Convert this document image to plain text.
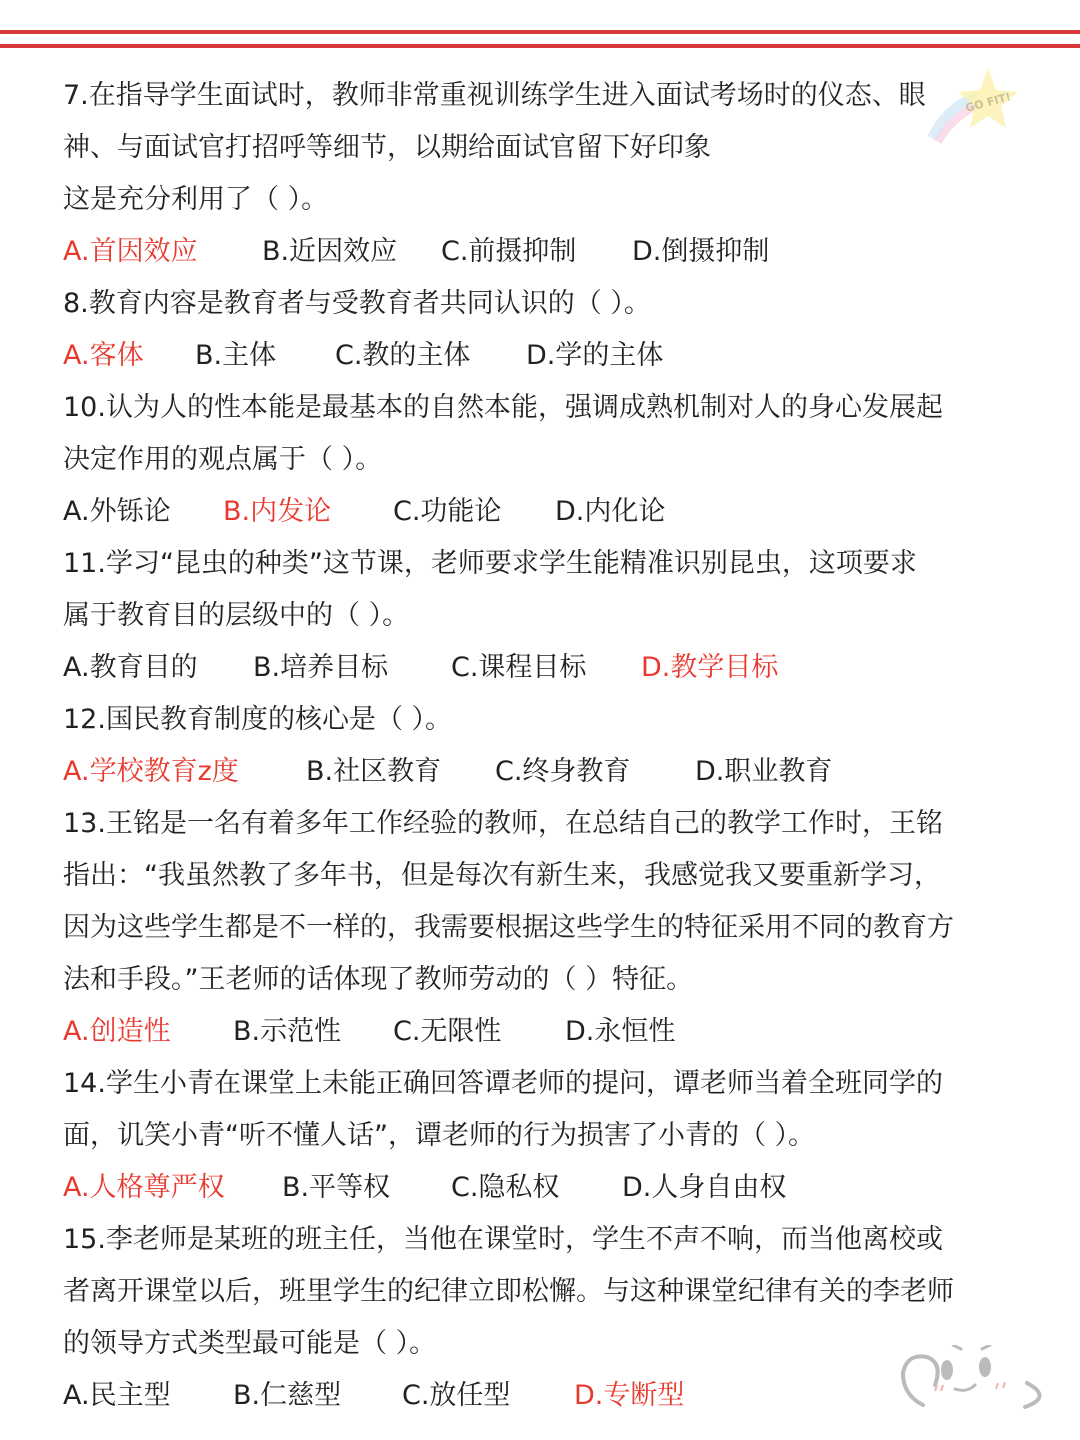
GO FIT!
7.在指导学生面试时，教师非常重视训练学生进入面试考场时的仪态、眼
神、与面试官打招呼等细节，以期给面试官留下好印象
这是充分利用了（ ）。
A.首因效应 B.近因效应 C.前摄抑制 D.倒摄抑制
8.教育内容是教育者与受教育者共同认识的（ ）。
A.客体 B.主体 C.教的主体 D.学的主体
10.认为人的性本能是最基本的自然本能，强调成熟机制对人的身心发展起
决定作用的观点属于（ ）。
A.外铄论 B.内发论 C.功能论 D.内化论
11.学习“昆虫的种类”这节课，老师要求学生能精准识别昆虫，这项要求
属于教育目的层级中的（ ）。
A.教育目的 B.培养目标 C.课程目标 D.教学目标
12.国民教育制度的核心是（ ）。
A.学校教育z度 B.社区教育 C.终身教育 D.职业教育
13.王铭是一名有着多年工作经验的教师，在总结自己的教学工作时，王铭
指出：“我虽然教了多年书，但是每次有新生来，我感觉我又要重新学习，
因为这些学生都是不一样的，我需要根据这些学生的特征采用不同的教育方
法和手段。”王老师的话体现了教师劳动的（ ）特征。
A.创造性 B.示范性 C.无限性 D.永恒性
14.学生小青在课堂上未能正确回答谭老师的提问，谭老师当着全班同学的
面，讥笑小青“听不懂人话”，谭老师的行为损害了小青的（ ）。
A.人格尊严权 B.平等权 C.隐私权 D.人身自由权
15.李老师是某班的班主任，当他在课堂时，学生不声不响，而当他离校或
者离开课堂以后，班里学生的纪律立即松懈。与这种课堂纪律有关的李老师
的领导方式类型最可能是（ ）。
A.民主型 B.仁慈型 C.放任型 D.专断型
